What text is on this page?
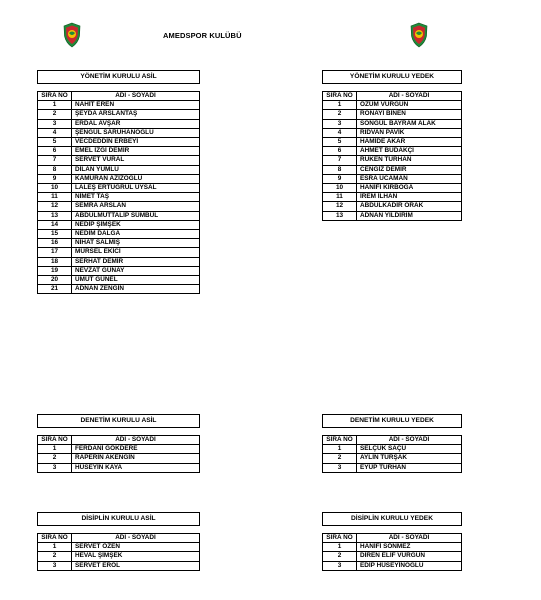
AMEDSPOR KULÜBÜ
YÖNETİM KURULU ASİL	

SIRA NO	ADI - SOYADI
1	NAHİT EREN
2	ŞEYDA ARSLANTAŞ
3	ERDAL AVŞAR
4	ŞENGÜL SARUHANOĞLU
5	VECDEDDİN ERBEYİ
6	EMEL İZGİ DEMİR
7	SERVET VURAL
8	DİLAN YUMLU
9	KAMURAN AZİZOĞLU
10	LALEŞ ERTUĞRUL UYSAL
11	NİMET TAŞ
12	SEMRA ARSLAN
13	ABDULMUTTALİP SÜMBÜL
14	NEDİP ŞİMŞEK
15	NEDİM DALGA
16	NİHAT SALMIŞ
17	MÜRSEL EKİCİ
18	SERHAT DEMİR
19	NEVZAT GÜNAY
20	ÜMÜT GÜNEL
21	ADNAN ZENGİN
YÖNETİM KURULU YEDEK	

SIRA NO	ADI - SOYADI
1	ÖZÜM VURGUN
2	RONAYİ BİNEN
3	SONGÜL BAYRAM ALAK
4	RIDVAN PAVİK
5	HAMİDE AKAR
6	AHMET BUDAKÇI
7	RUKEN TURHAN
8	CENGİZ DEMİR
9	ESRA UCAMAN
10	HANİFİ KIRBOĞA
11	İREM İLHAN
12	ABDULKADİR ORAK
13	ADNAN YILDIRIM
DENETİM KURULU ASİL	

SIRA NO	ADI - SOYADI
1	FERDANİ GÖKDERE
2	RAPERİN AKENGİN
3	HÜSEYİN KAYA
DENETİM KURULU YEDEK	

SIRA NO	ADI - SOYADI
1	SELÇUK SAÇU
2	AYLİN TURŞAK
3	EYÜP TURHAN
DİSİPLİN KURULU ASİL	

SIRA NO	ADI - SOYADI
1	SERVET ÖZEN
2	HEVAL ŞİMŞEK
3	SERVET EROL
DİSİPLİN KURULU YEDEK	

SIRA NO	ADI - SOYADI
1	HANİFİ SÖNMEZ
2	DİREN ELİF VURGUN
3	EDİP HÜSEYİNOĞLU
